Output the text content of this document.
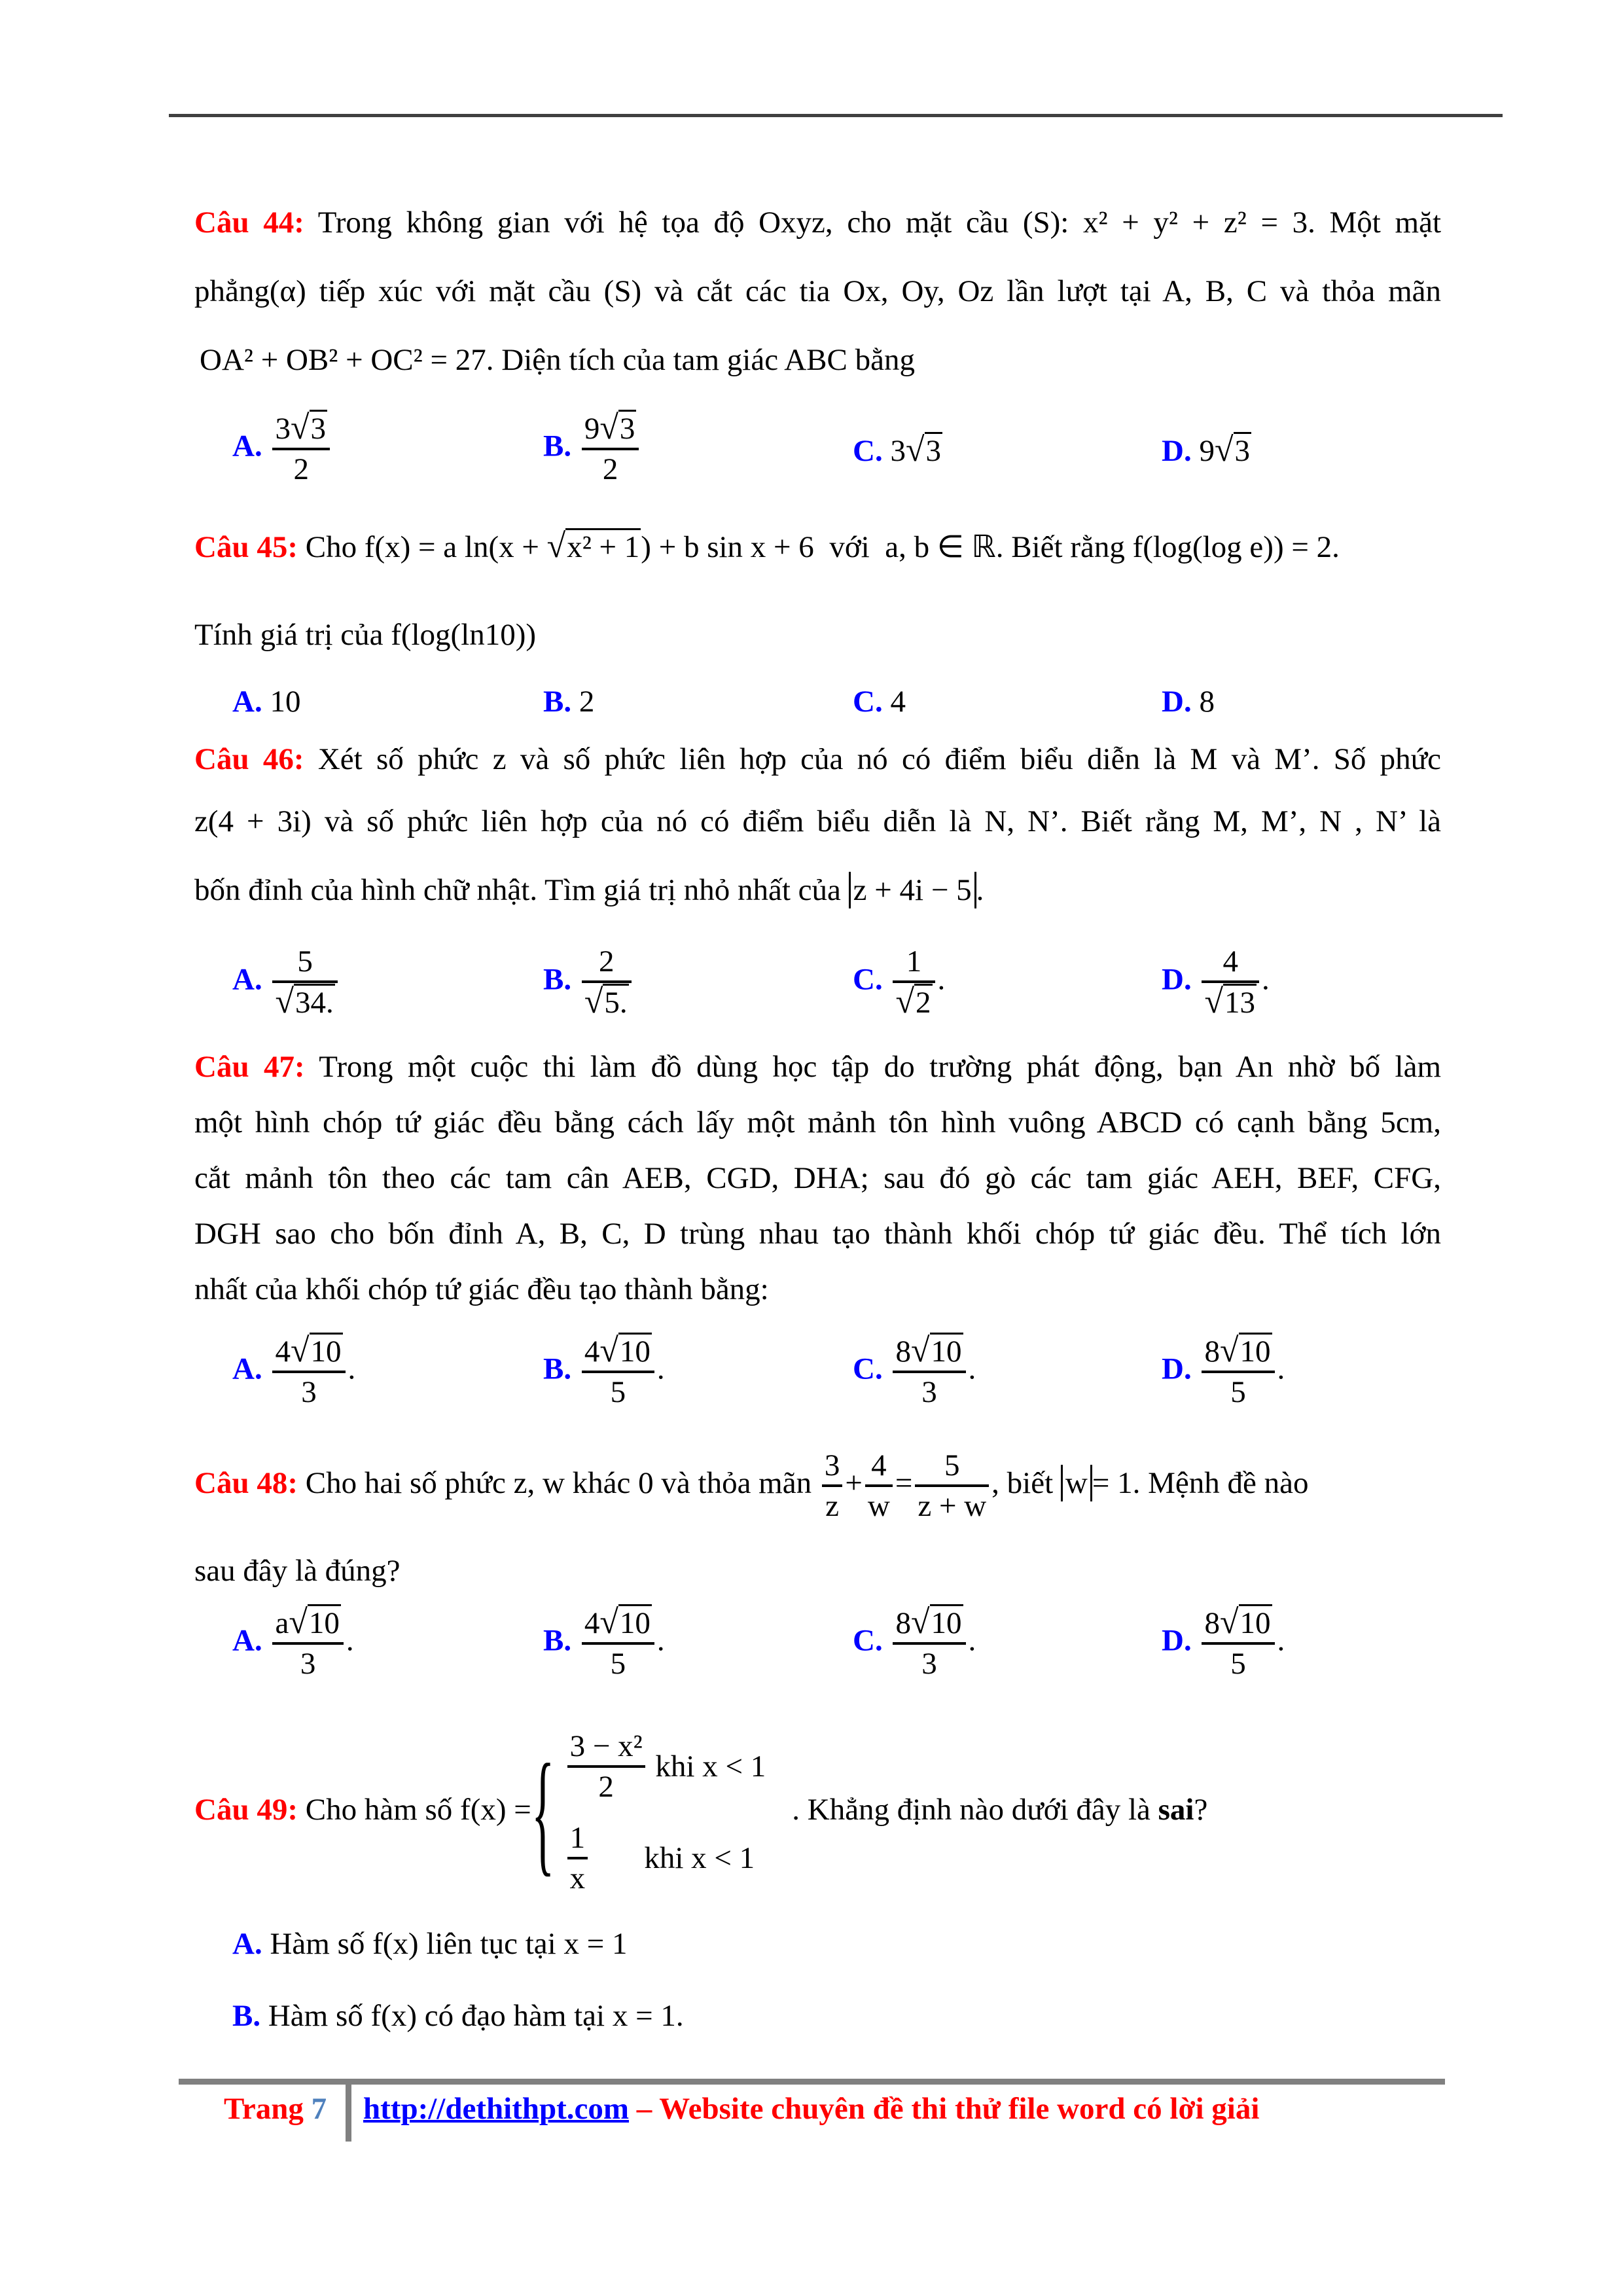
Câu 44: Trong không gian với hệ tọa độ Oxyz, cho mặt cầu (S): x² + y² + z² = 3. Một mặt
phẳng(α) tiếp xúc với mặt cầu (S) và cắt các tia Ox, Oy, Oz lần lượt tại A, B, C và thỏa mãn
OA² + OB² + OC² = 27. Diện tích của tam giác ABC bằng
A. $\frac{3√3}{2}$	B. $\frac{9√3}{2}$	C. 3√3	D. 9√3
Câu 45: Cho f(x) = a ln(x + √x² + 1) + b sin x + 6 với a, b ∈ ℝ. Biết rằng f(log(log e)) = 2.
Tính giá trị của f(log(ln10))
A. 10	B. 2	C. 4	D. 8
Câu 46: Xét số phức z và số phức liên hợp của nó có điểm biểu diễn là M và M’. Số phức
z(4 + 3i) và số phức liên hợp của nó có điểm biểu diễn là N, N’. Biết rằng M, M’, N , N’ là
bốn đỉnh của hình chữ nhật. Tìm giá trị nhỏ nhất của z + 4i − 5 .
A. $\frac{5}{√34.}$	B. $\frac{2}{√5.}$	C. $\frac{1}{√2}$ .	D. $\frac{4}{√13}$ .
Câu 47: Trong một cuộc thi làm đồ dùng học tập do trường phát động, bạn An nhờ bố làm
một hình chóp tứ giác đều bằng cách lấy một mảnh tôn hình vuông ABCD có cạnh bằng 5cm,
cắt mảnh tôn theo các tam cân AEB, CGD, DHA; sau đó gò các tam giác AEH, BEF, CFG,
DGH sao cho bốn đỉnh A, B, C, D trùng nhau tạo thành khối chóp tứ giác đều. Thể tích lớn
nhất của khối chóp tứ giác đều tạo thành bằng:
A. $\frac{4√10}{3}$ .	B. $\frac{4√10}{5}$ .	C. $\frac{8√10}{3}$ .	D. $\frac{8√10}{5}$ .
Câu 48: Cho hai số phức z, w khác 0 và thỏa mãn $\frac{3}{z} + \frac{4}{w} = \frac{5}{z + w}$ , biết w = 1. Mệnh đề nào
sau đây là đúng?
A. $\frac{a√10}{3}$ .	B. $\frac{4√10}{5}$ .	C. $\frac{8√10}{3}$ .	D. $\frac{8√10}{5}$ .
Câu 49: Cho hàm số f(x) ={ $\frac{\text{3 − x²}}{2}$
khi x < 1
$\frac{1}{x}$
khi x < 1
. Khẳng định nào dưới đây là sai?
A. Hàm số f(x) liên tục tại x = 1
B. Hàm số f(x) có đạo hàm tại x = 1.
Trang 7 http://dethithpt.com – Website chuyên đề thi thử file word có lời giải
